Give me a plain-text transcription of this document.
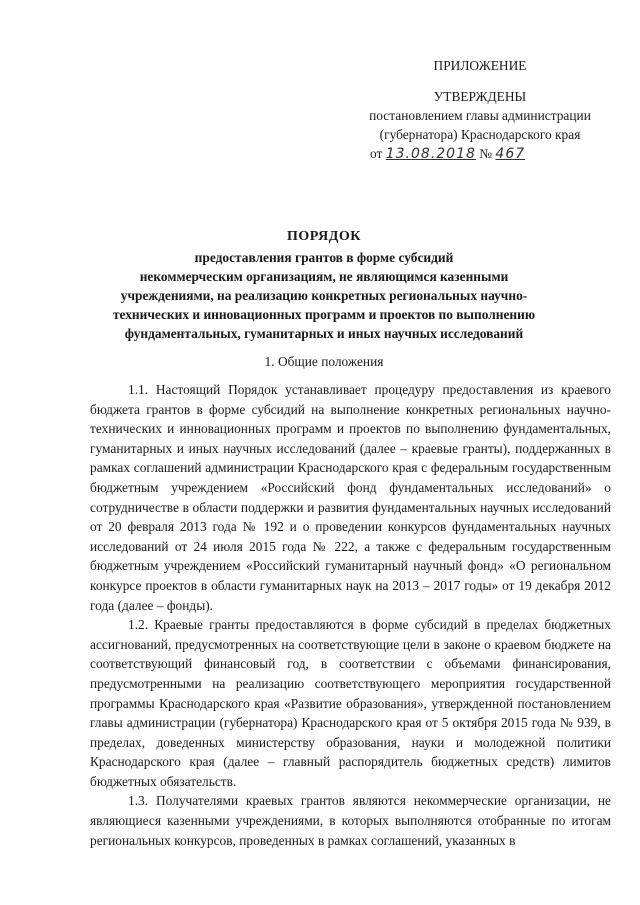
ПРИЛОЖЕНИЕ
УТВЕРЖДЕНЫ
постановлением главы администрации
(губернатора) Краснодарского края
от 13.08.2018 № 467
ПОРЯДОК
предоставления грантов в форме субсидий
некоммерческим организациям, не являющимся казенными
учреждениями, на реализацию конкретных региональных научно-
технических и инновационных программ и проектов по выполнению
фундаментальных, гуманитарных и иных научных исследований
1. Общие положения

1.1. Настоящий Порядок устанавливает процедуру предоставления из краевого бюджета грантов в форме субсидий на выполнение конкретных региональных научно-технических и инновационных программ и проектов по выполнению фундаментальных, гуманитарных и иных научных исследований (далее – краевые гранты), поддержанных в рамках соглашений администрации Краснодарского края с федеральным государственным бюджетным учреждением «Российский фонд фундаментальных исследований» о сотрудничестве в области поддержки и развития фундаментальных научных исследований от 20 февраля 2013 года № 192 и о проведении конкурсов фундаментальных научных исследований от 24 июля 2015 года № 222, а также с федеральным государственным бюджетным учреждением «Российский гуманитарный научный фонд» «О региональном конкурсе проектов в области гуманитарных наук на 2013 – 2017 годы» от 19 декабря 2012 года (далее – фонды).

1.2. Краевые гранты предоставляются в форме субсидий в пределах бюджетных ассигнований, предусмотренных на соответствующие цели в законе о краевом бюджете на соответствующий финансовый год, в соответствии с объемами финансирования, предусмотренными на реализацию соответствующего мероприятия государственной программы Краснодарского края «Развитие образования», утвержденной постановлением главы администрации (губернатора) Краснодарского края от 5 октября 2015 года № 939, в пределах, доведенных министерству образования, науки и молодежной политики Краснодарского края (далее – главный распорядитель бюджетных средств) лимитов бюджетных обязательств.

1.3. Получателями краевых грантов являются некоммерческие организации, не являющиеся казенными учреждениями, в которых выполняются отобранные по итогам региональных конкурсов, проведенных в рамках соглашений, указанных в
